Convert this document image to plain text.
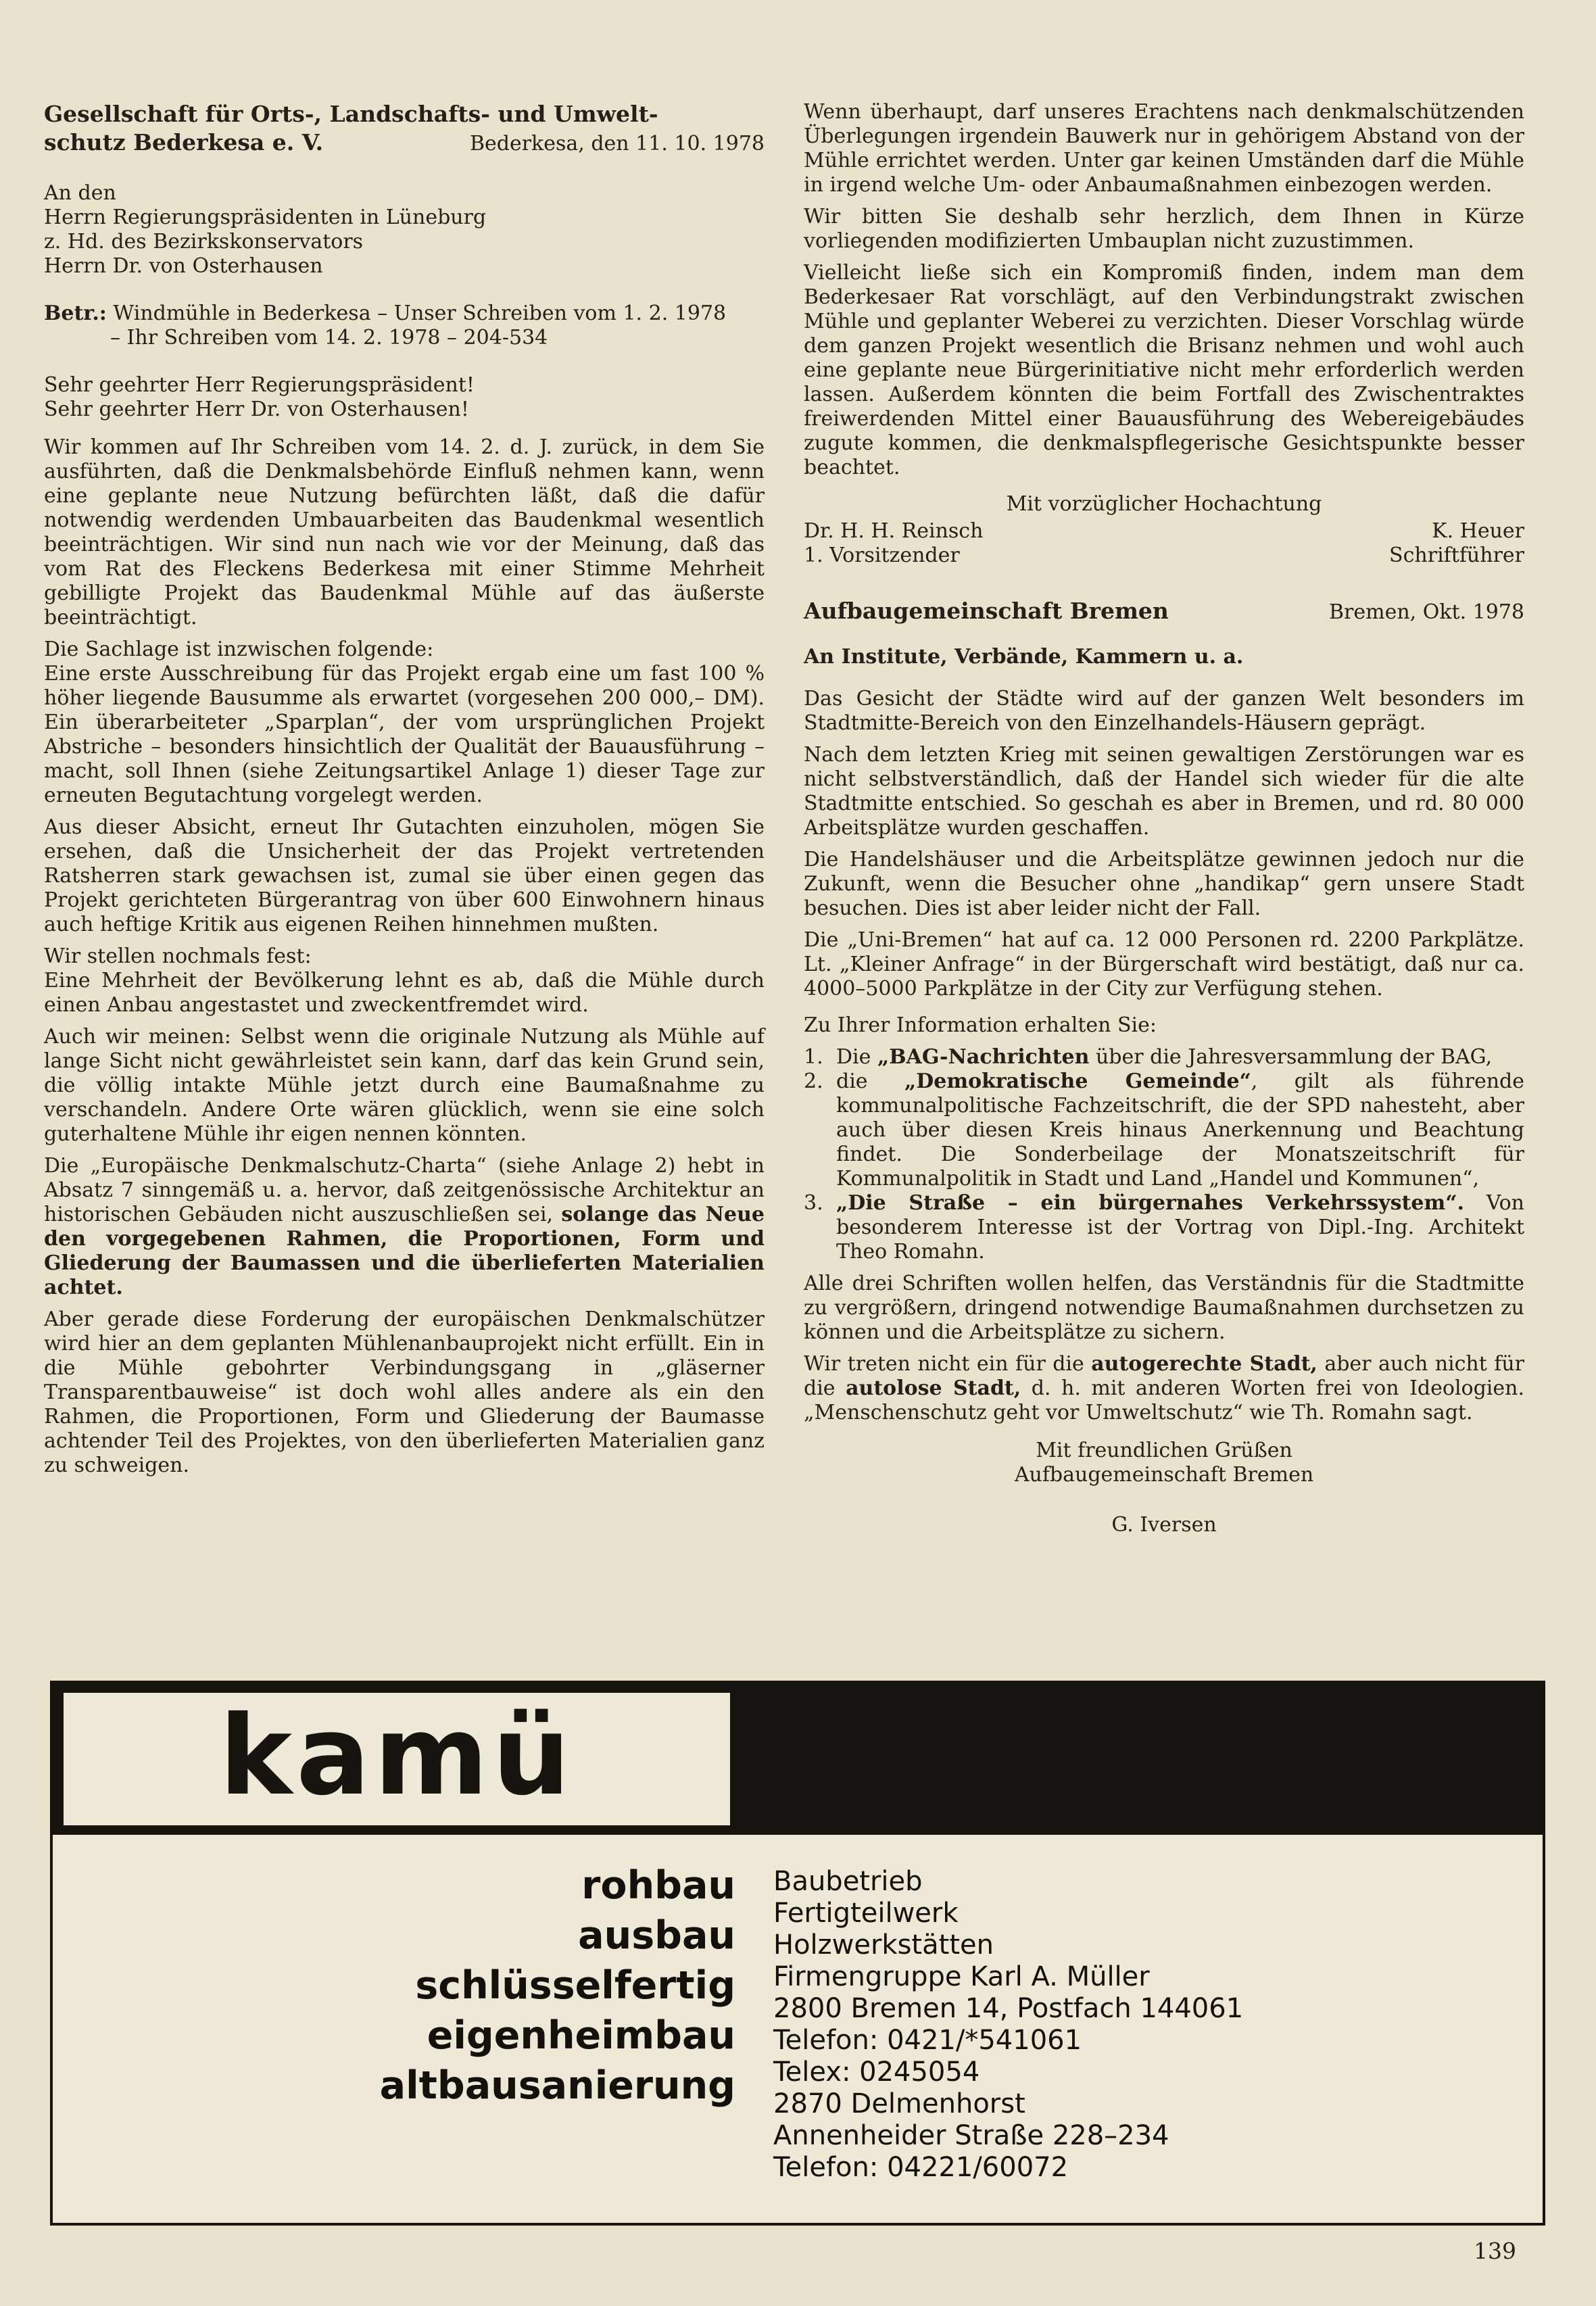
Gesellschaft für Orts-, Landschafts- und Umwelt-
schutz Bederkesa e. V.	Bederkesa, den 11. 10. 1978
An den
Herrn Regierungspräsidenten in Lüneburg
z. Hd. des Bezirkskonservators
Herrn Dr. von Osterhausen
Betr.: Windmühle in Bederkesa – Unser Schreiben vom 1. 2. 1978
– Ihr Schreiben vom 14. 2. 1978 – 204-534
Sehr geehrter Herr Regierungspräsident!
Sehr geehrter Herr Dr. von Osterhausen!

Wir kommen auf Ihr Schreiben vom 14. 2. d. J. zurück, in dem Sie ausführten, daß die Denkmalsbehörde Einfluß nehmen kann, wenn eine geplante neue Nutzung befürchten läßt, daß die dafür notwendig werdenden Umbauarbeiten das Baudenkmal wesentlich beeinträchtigen. Wir sind nun nach wie vor der Meinung, daß das vom Rat des Fleckens Bederkesa mit einer Stimme Mehrheit gebilligte Projekt das Baudenkmal Mühle auf das äußerste beeinträchtigt.

Die Sachlage ist inzwischen folgende:
Eine erste Ausschreibung für das Projekt ergab eine um fast 100 % höher liegende Bausumme als erwartet (vorgesehen 200 000,– DM). Ein überarbeiteter „Sparplan“, der vom ursprünglichen Projekt Abstriche – besonders hinsichtlich der Qualität der Bauausführung – macht, soll Ihnen (siehe Zeitungsartikel Anlage 1) dieser Tage zur erneuten Begutachtung vorgelegt werden.

Aus dieser Absicht, erneut Ihr Gutachten einzuholen, mögen Sie ersehen, daß die Unsicherheit der das Projekt vertretenden Ratsherren stark gewachsen ist, zumal sie über einen gegen das Projekt gerichteten Bürgerantrag von über 600 Einwohnern hinaus auch heftige Kritik aus eigenen Reihen hinnehmen mußten.

Wir stellen nochmals fest:
Eine Mehrheit der Bevölkerung lehnt es ab, daß die Mühle durch einen Anbau angestastet und zweckentfremdet wird.

Auch wir meinen: Selbst wenn die originale Nutzung als Mühle auf lange Sicht nicht gewährleistet sein kann, darf das kein Grund sein, die völlig intakte Mühle jetzt durch eine Baumaßnahme zu verschandeln. Andere Orte wären glücklich, wenn sie eine solch guterhaltene Mühle ihr eigen nennen könnten.

Die „Europäische Denkmalschutz-Charta“ (siehe Anlage 2) hebt in Absatz 7 sinngemäß u. a. hervor, daß zeitgenössische Architektur an historischen Gebäuden nicht auszuschließen sei, solange das Neue den vorgegebenen Rahmen, die Proportionen, Form und Gliederung der Baumassen und die überlieferten Materialien achtet.

Aber gerade diese Forderung der europäischen Denkmalschützer wird hier an dem geplanten Mühlenanbauprojekt nicht erfüllt. Ein in die Mühle gebohrter Verbindungsgang in „gläserner Transparentbauweise“ ist doch wohl alles andere als ein den Rahmen, die Proportionen, Form und Gliederung der Baumasse achtender Teil des Projektes, von den überlieferten Materialien ganz zu schweigen.

Wenn überhaupt, darf unseres Erachtens nach denkmalschützenden Überlegungen irgendein Bauwerk nur in gehörigem Abstand von der Mühle errichtet werden. Unter gar keinen Umständen darf die Mühle in irgend welche Um- oder Anbaumaßnahmen einbezogen werden.

Wir bitten Sie deshalb sehr herzlich, dem Ihnen in Kürze vorliegenden modifizierten Umbauplan nicht zuzustimmen.

Vielleicht ließe sich ein Kompromiß finden, indem man dem Bederkesaer Rat vorschlägt, auf den Verbindungstrakt zwischen Mühle und geplanter Weberei zu verzichten. Dieser Vorschlag würde dem ganzen Projekt wesentlich die Brisanz nehmen und wohl auch eine geplante neue Bürgerinitiative nicht mehr erforderlich werden lassen. Außerdem könnten die beim Fortfall des Zwischentraktes freiwerdenden Mittel einer Bauausführung des Webereigebäudes zugute kommen, die denkmalspflegerische Gesichtspunkte besser beachtet.

Mit vorzüglicher Hochachtung
Dr. H. H. Reinsch	K. Heuer
1. Vorsitzender	Schriftführer
Aufbaugemeinschaft Bremen	Bremen, Okt. 1978
An Institute, Verbände, Kammern u. a.

Das Gesicht der Städte wird auf der ganzen Welt besonders im Stadtmitte-Bereich von den Einzelhandels-Häusern geprägt.

Nach dem letzten Krieg mit seinen gewaltigen Zerstörungen war es nicht selbstverständlich, daß der Handel sich wieder für die alte Stadtmitte entschied. So geschah es aber in Bremen, und rd. 80 000 Arbeitsplätze wurden geschaffen.

Die Handelshäuser und die Arbeitsplätze gewinnen jedoch nur die Zukunft, wenn die Besucher ohne „handikap“ gern unsere Stadt besuchen. Dies ist aber leider nicht der Fall.

Die „Uni-Bremen“ hat auf ca. 12 000 Personen rd. 2200 Parkplätze. Lt. „Kleiner Anfrage“ in der Bürgerschaft wird bestätigt, daß nur ca. 4000–5000 Parkplätze in der City zur Verfügung stehen.

Zu Ihrer Information erhalten Sie:

1. Die „BAG-Nachrichten über die Jahresversammlung der BAG,
2. die „Demokratische Gemeinde“, gilt als führende kommunalpolitische Fachzeitschrift, die der SPD nahesteht, aber auch über diesen Kreis hinaus Anerkennung und Beachtung findet. Die Sonderbeilage der Monatszeitschrift für Kommunalpolitik in Stadt und Land „Handel und Kommunen“,
3. „Die Straße – ein bürgernahes Verkehrssystem“. Von besonderem Interesse ist der Vortrag von Dipl.-Ing. Architekt Theo Romahn.

Alle drei Schriften wollen helfen, das Verständnis für die Stadtmitte zu vergrößern, dringend notwendige Baumaßnahmen durchsetzen zu können und die Arbeitsplätze zu sichern.

Wir treten nicht ein für die autogerechte Stadt, aber auch nicht für die autolose Stadt, d. h. mit anderen Worten frei von Ideologien. „Menschenschutz geht vor Umweltschutz“ wie Th. Romahn sagt.

Mit freundlichen Grüßen
Aufbaugemeinschaft Bremen
G. Iversen
kamü
rohbau
ausbau
schlüsselfertig
eigenheimbau
altbausanierung
Baubetrieb
Fertigteilwerk
Holzwerkstätten
Firmengruppe Karl A. Müller
2800 Bremen 14, Postfach 144061
Telefon: 0421/*541061
Telex: 0245054
2870 Delmenhorst
Annenheider Straße 228–234
Telefon: 04221/60072
139
